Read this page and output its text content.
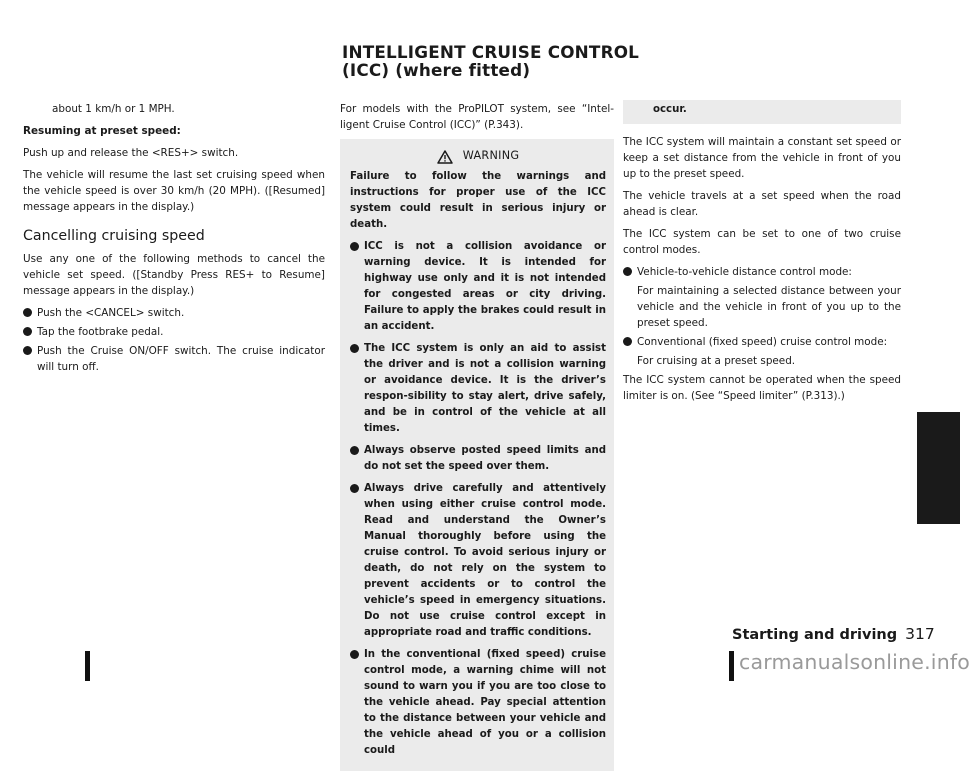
INTELLIGENT CRUISE CONTROL
(ICC) (where fitted)

about 1 km/h or 1 MPH.

Resuming at preset speed:

Push up and release the <RES+> switch.

The vehicle will resume the last set cruising speed when the vehicle speed is over 30 km/h (20 MPH). ([Resumed] message appears in the display.)

Cancelling cruising speed

Use any one of the following methods to cancel the vehicle set speed. ([Standby Press RES+ to Resume] message appears in the display.)

Push the <CANCEL> switch.
Tap the footbrake pedal.
Push the Cruise ON/OFF switch. The cruise indicator will turn off.

For models with the ProPILOT system, see “Intel-ligent Cruise Control (ICC)” (P.343).

WARNING

Failure to follow the warnings and instructions for proper use of the ICC system could result in serious injury or death.

ICC is not a collision avoidance or warning device. It is intended for highway use only and it is not intended for congested areas or city driving. Failure to apply the brakes could result in an accident.
The ICC system is only an aid to assist the driver and is not a collision warning or avoidance device. It is the driver’s respon-sibility to stay alert, drive safely, and be in control of the vehicle at all times.
Always observe posted speed limits and do not set the speed over them.
Always drive carefully and attentively when using either cruise control mode. Read and understand the Owner’s Manual thoroughly before using the cruise control. To avoid serious injury or death, do not rely on the system to prevent accidents or to control the vehicle’s speed in emergency situations. Do not use cruise control except in appropriate road and traffic conditions.
In the conventional (fixed speed) cruise control mode, a warning chime will not sound to warn you if you are too close to the vehicle ahead. Pay special attention to the distance between your vehicle and the vehicle ahead of you or a collision could
occur.

The ICC system will maintain a constant set speed or keep a set distance from the vehicle in front of you up to the preset speed.

The vehicle travels at a set speed when the road ahead is clear.

The ICC system can be set to one of two cruise control modes.

Vehicle-to-vehicle distance control mode:

For maintaining a selected distance between your vehicle and the vehicle in front of you up to the preset speed.

Conventional (fixed speed) cruise control mode:

For cruising at a preset speed.

The ICC system cannot be operated when the speed limiter is on. (See “Speed limiter” (P.313).)

Starting and driving 317
carmanualsonline.info
